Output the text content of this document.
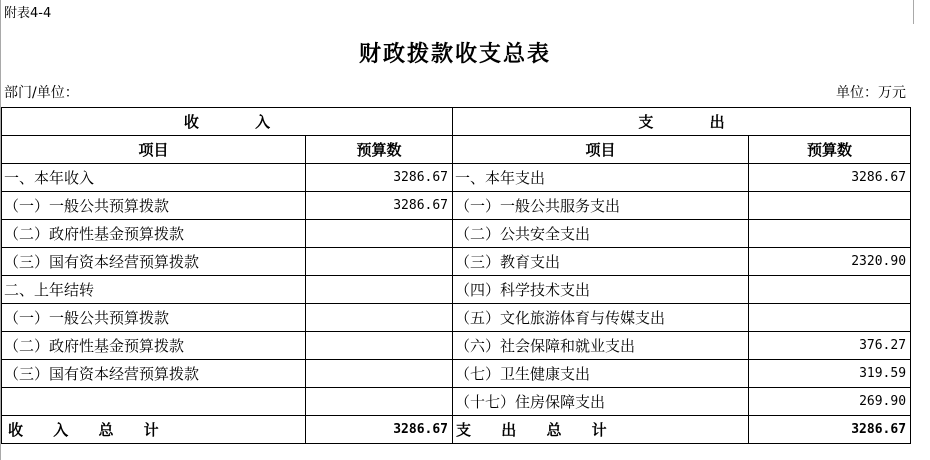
附表4-4
财政拨款收支总表
部门/单位：	单位：万元
收 入		支 出	
项目	预算数	项目	预算数
一、本年收入	3286.67	一、本年支出	3286.67
（一）一般公共预算拨款	3286.67	（一）一般公共服务支出	
（二）政府性基金预算拨款		（二）公共安全支出	
（三）国有资本经营预算拨款		（三）教育支出	2320.90
二、上年结转		（四）科学技术支出	
（一）一般公共预算拨款		（五）文化旅游体育与传媒支出	
（二）政府性基金预算拨款		（六）社会保障和就业支出	376.27
（三）国有资本经营预算拨款		（七）卫生健康支出	319.59
		（十七）住房保障支出	269.90
收 入 总 计	3286.67	支 出 总 计	3286.67
